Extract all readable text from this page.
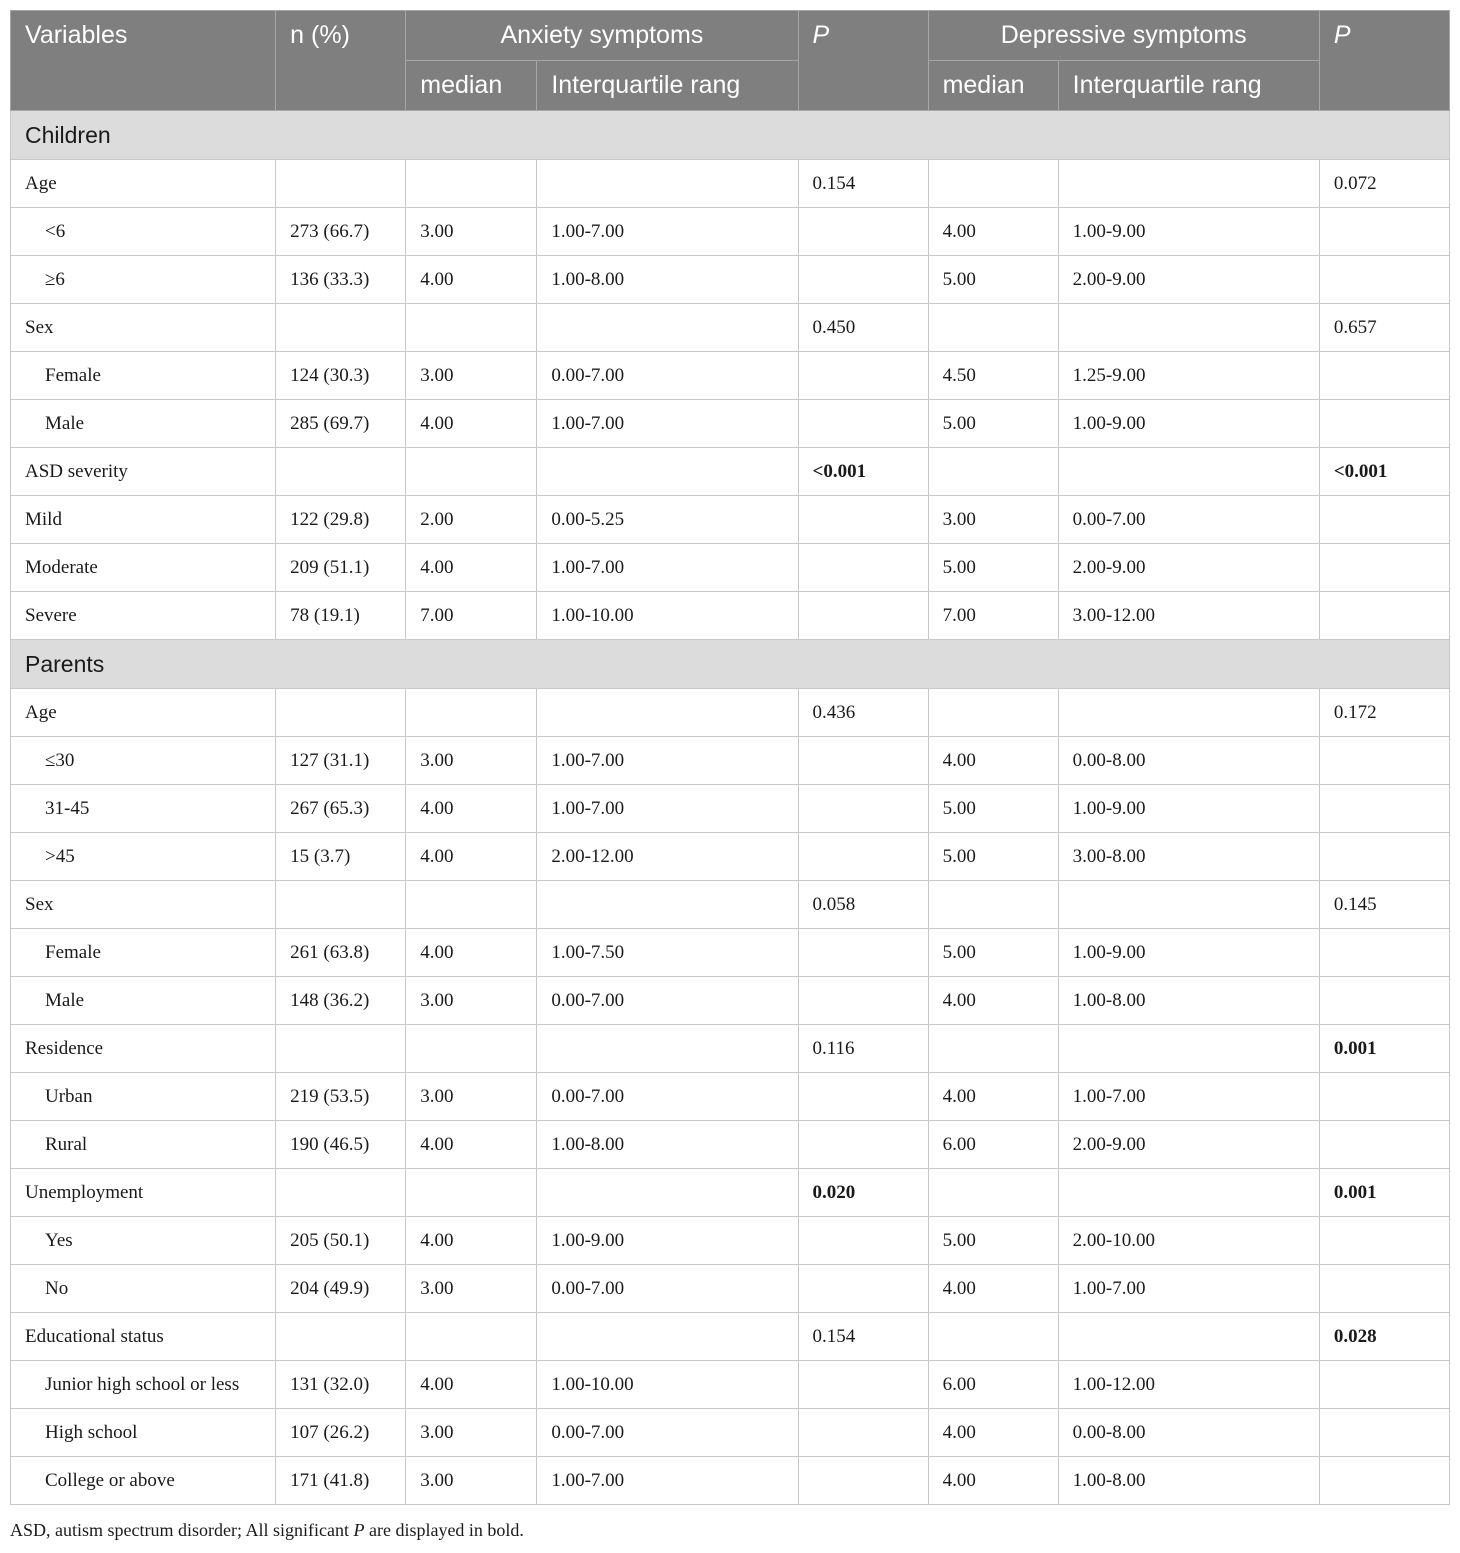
Variables	n (%)	Anxiety symptoms		P	Depressive symptoms		P
		median	Interquartile rang		median	Interquartile rang	
Children							
Age				0.154			0.072
<6	273 (66.7)	3.00	1.00-7.00		4.00	1.00-9.00	
≥6	136 (33.3)	4.00	1.00-8.00		5.00	2.00-9.00	
Sex				0.450			0.657
Female	124 (30.3)	3.00	0.00-7.00		4.50	1.25-9.00	
Male	285 (69.7)	4.00	1.00-7.00		5.00	1.00-9.00	
ASD severity				<0.001			<0.001
Mild	122 (29.8)	2.00	0.00-5.25		3.00	0.00-7.00	
Moderate	209 (51.1)	4.00	1.00-7.00		5.00	2.00-9.00	
Severe	78 (19.1)	7.00	1.00-10.00		7.00	3.00-12.00	
Parents							
Age				0.436			0.172
≤30	127 (31.1)	3.00	1.00-7.00		4.00	0.00-8.00	
31-45	267 (65.3)	4.00	1.00-7.00		5.00	1.00-9.00	
>45	15 (3.7)	4.00	2.00-12.00		5.00	3.00-8.00	
Sex				0.058			0.145
Female	261 (63.8)	4.00	1.00-7.50		5.00	1.00-9.00	
Male	148 (36.2)	3.00	0.00-7.00		4.00	1.00-8.00	
Residence				0.116			0.001
Urban	219 (53.5)	3.00	0.00-7.00		4.00	1.00-7.00	
Rural	190 (46.5)	4.00	1.00-8.00		6.00	2.00-9.00	
Unemployment				0.020			0.001
Yes	205 (50.1)	4.00	1.00-9.00		5.00	2.00-10.00	
No	204 (49.9)	3.00	0.00-7.00		4.00	1.00-7.00	
Educational status				0.154			0.028
Junior high school or less	131 (32.0)	4.00	1.00-10.00		6.00	1.00-12.00	
High school	107 (26.2)	3.00	0.00-7.00		4.00	0.00-8.00	
College or above	171 (41.8)	3.00	1.00-7.00		4.00	1.00-8.00	
ASD, autism spectrum disorder; All significant P are displayed in bold.
